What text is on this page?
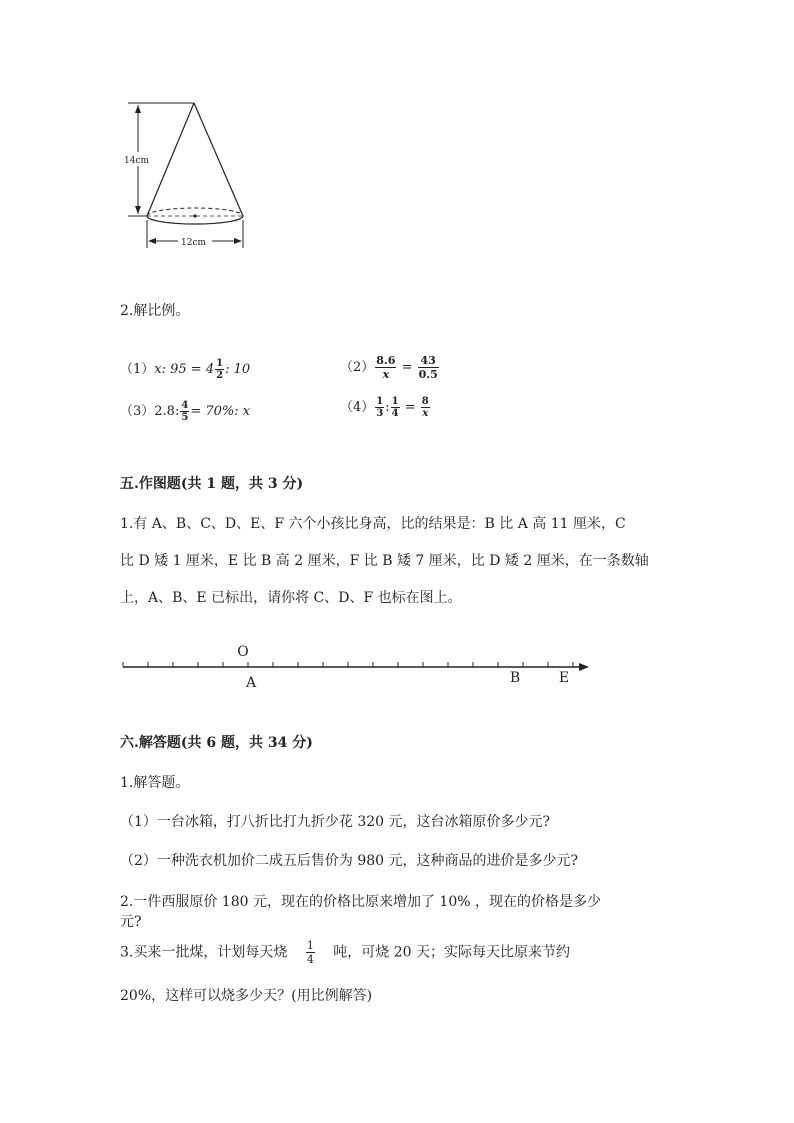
14cm
12cm
2.解比例。
（1）x: $95 = 4 \frac{1}{2}$ : 10	$(2) \frac{8.6}{x} = \frac{43}{0.5}$
（3）2.8: $\frac{4}{5} = 70\%$: x	$(4) \frac{1}{3}$ : $\frac{1}{4} = \frac{8}{x}$
五.作图题(共 1 题，共 3 分)
1.有 A、B、C、D、E、F 六个小孩比身高，比的结果是：B 比 A 高 11 厘米，C
比 D 矮 1 厘米，E 比 B 高 2 厘米，F 比 B 矮 7 厘米，比 D 矮 2 厘米，在一条数轴
上，A、B、E 已标出，请你将 C、D、F 也标在图上。
O
A	B	E
六.解答题(共 6 题，共 34 分)
1.解答题。
（1）一台冰箱，打八折比打九折少花 320 元，这台冰箱原价多少元?
（2）一种洗衣机加价二成五后售价为 980 元，这种商品的进价是多少元?
2.一件西服原价 180 元，现在的价格比原来增加了 10% ，现在的价格是多少
元?
3.买来一批煤，计划每天烧 $\frac{1}{4}$ 吨，可烧 20 天；实际每天比原来节约
20%，这样可以烧多少天？(用比例解答)
